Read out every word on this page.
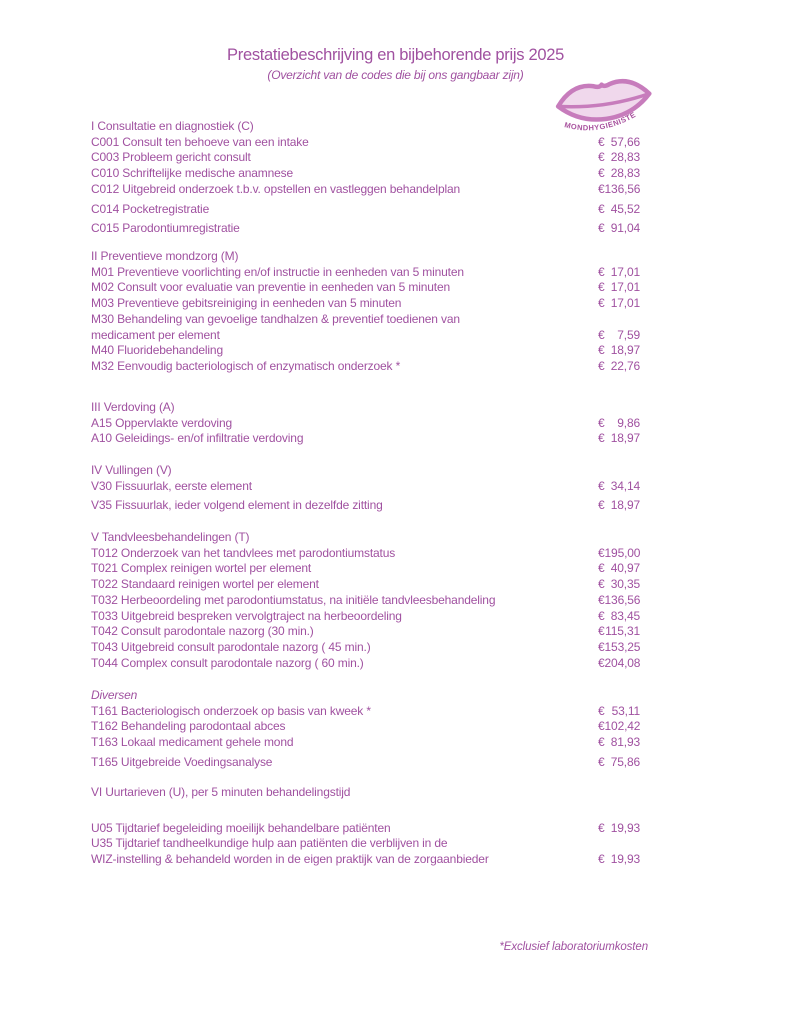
Prestatiebeschrijving en bijbehorende prijs 2025
(Overzicht van de codes die bij ons gangbaar zijn)
MONDHYGIENISTE
I Consultatie en diagnostiek (C)
C001 Consult ten behoeve van een intake	€ 57,66
C003 Probleem gericht consult	€ 28,83
C010 Schriftelijke medische anamnese	€ 28,83
C012 Uitgebreid onderzoek t.b.v. opstellen en vastleggen behandelplan	€ 136,56
C014 Pocketregistratie	€ 45,52
C015 Parodontiumregistratie	€ 91,04
II Preventieve mondzorg (M)
M01 Preventieve voorlichting en/of instructie in eenheden van 5 minuten	€ 17,01
M02 Consult voor evaluatie van preventie in eenheden van 5 minuten	€ 17,01
M03 Preventieve gebitsreiniging in eenheden van 5 minuten	€ 17,01
M30 Behandeling van gevoelige tandhalzen & preventief toedienen van
medicament per element	€ 7,59
M40 Fluoridebehandeling	€ 18,97
M32 Eenvoudig bacteriologisch of enzymatisch onderzoek *	€ 22,76
III Verdoving (A)
A15 Oppervlakte verdoving	€ 9,86
A10 Geleidings- en/of infiltratie verdoving	€ 18,97
IV Vullingen (V)
V30 Fissuurlak, eerste element	€ 34,14
V35 Fissuurlak, ieder volgend element in dezelfde zitting	€ 18,97
V Tandvleesbehandelingen (T)
T012 Onderzoek van het tandvlees met parodontiumstatus	€ 195,00
T021 Complex reinigen wortel per element	€ 40,97
T022 Standaard reinigen wortel per element	€ 30,35
T032 Herbeoordeling met parodontiumstatus, na initiële tandvleesbehandeling	€ 136,56
T033 Uitgebreid bespreken vervolgtraject na herbeoordeling	€ 83,45
T042 Consult parodontale nazorg (30 min.)	€ 115,31
T043 Uitgebreid consult parodontale nazorg ( 45 min.)	€ 153,25
T044 Complex consult parodontale nazorg ( 60 min.)	€ 204,08
Diversen
T161 Bacteriologisch onderzoek op basis van kweek *	€ 53,11
T162 Behandeling parodontaal abces	€ 102,42
T163 Lokaal medicament gehele mond	€ 81,93
T165 Uitgebreide Voedingsanalyse	€ 75,86
VI Uurtarieven (U), per 5 minuten behandelingstijd
U05 Tijdtarief begeleiding moeilijk behandelbare patiënten	€ 19,93
U35 Tijdtarief tandheelkundige hulp aan patiënten die verblijven in de
WIZ-instelling & behandeld worden in de eigen praktijk van de zorgaanbieder	€ 19,93
*Exclusief laboratoriumkosten
